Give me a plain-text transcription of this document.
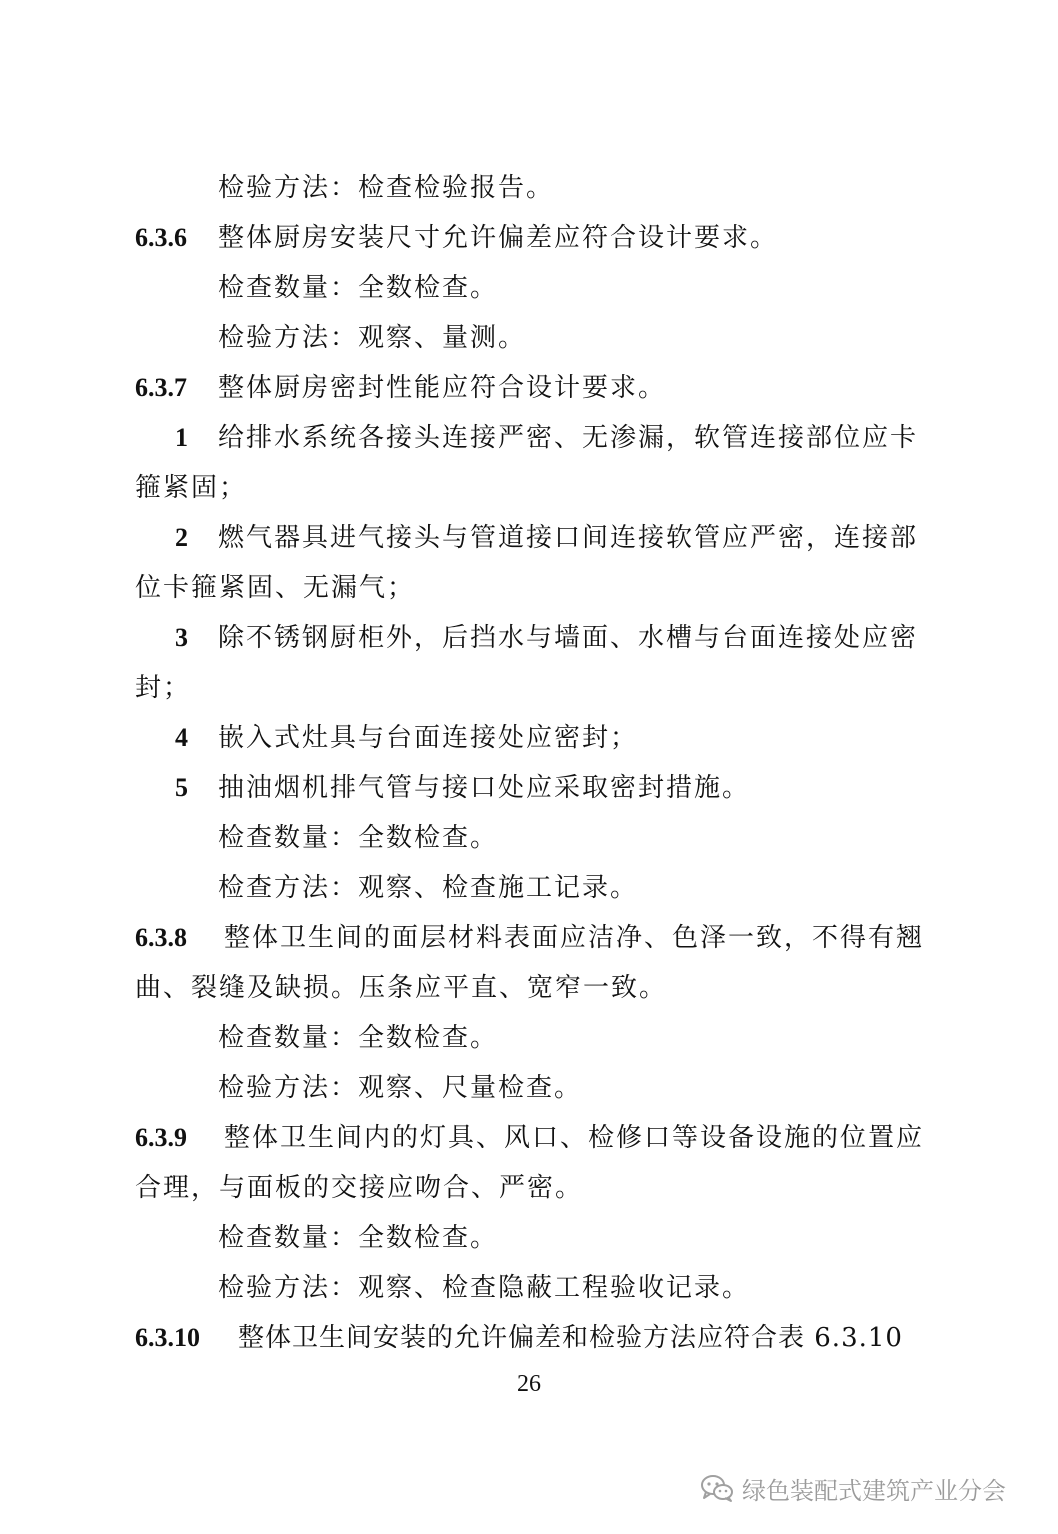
检验方法：检查检验报告。
6.3.6 整体厨房安装尺寸允许偏差应符合设计要求。
检查数量：全数检查。
检验方法：观察、量测。
6.3.7 整体厨房密封性能应符合设计要求。
1 给排水系统各接头连接严密、无渗漏，软管连接部位应卡
箍紧固；
2 燃气器具进气接头与管道接口间连接软管应严密，连接部
位卡箍紧固、无漏气；
3 除不锈钢厨柜外，后挡水与墙面、水槽与台面连接处应密
封；
4 嵌入式灶具与台面连接处应密封；
5 抽油烟机排气管与接口处应采取密封措施。
检查数量：全数检查。
检查方法：观察、检查施工记录。
6.3.8 整体卫生间的面层材料表面应洁净、色泽一致，不得有翘
曲、裂缝及缺损。压条应平直、宽窄一致。
检查数量：全数检查。
检验方法：观察、尺量检查。
6.3.9 整体卫生间内的灯具、风口、检修口等设备设施的位置应
合理，与面板的交接应吻合、严密。
检查数量：全数检查。
检验方法：观察、检查隐蔽工程验收记录。
6.3.10 整体卫生间安装的允许偏差和检验方法应符合表 6.3.10
26
绿色装配式建筑产业分会
